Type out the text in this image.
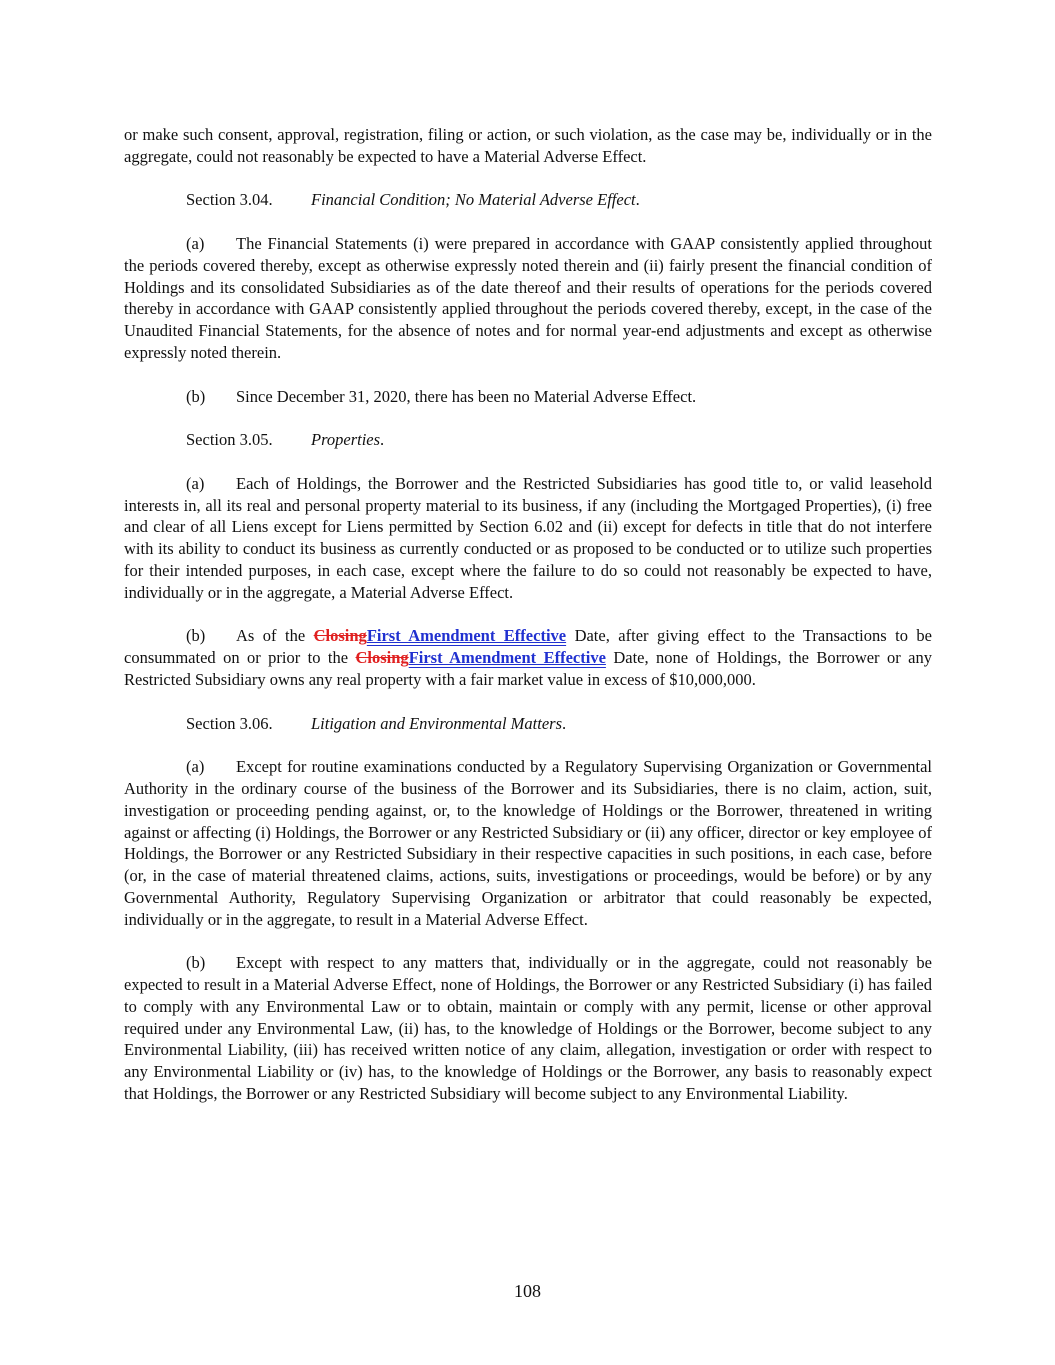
or make such consent, approval, registration, filing or action, or such violation, as the case may be, individually or in the aggregate, could not reasonably be expected to have a Material Adverse Effect.

Section 3.04. Financial Condition; No Material Adverse Effect.

(a) The Financial Statements (i) were prepared in accordance with GAAP consistently applied throughout the periods covered thereby, except as otherwise expressly noted therein and (ii) fairly present the financial condition of Holdings and its consolidated Subsidiaries as of the date thereof and their results of operations for the periods covered thereby in accordance with GAAP consistently applied throughout the periods covered thereby, except, in the case of the Unaudited Financial Statements, for the absence of notes and for normal year-end adjustments and except as otherwise expressly noted therein.

(b) Since December 31, 2020, there has been no Material Adverse Effect.

Section 3.05. Properties.

(a) Each of Holdings, the Borrower and the Restricted Subsidiaries has good title to, or valid leasehold interests in, all its real and personal property material to its business, if any (including the Mortgaged Properties), (i) free and clear of all Liens except for Liens permitted by Section 6.02 and (ii) except for defects in title that do not interfere with its ability to conduct its business as currently conducted or as proposed to be conducted or to utilize such properties for their intended purposes, in each case, except where the failure to do so could not reasonably be expected to have, individually or in the aggregate, a Material Adverse Effect.

(b) As of the ClosingFirst Amendment Effective Date, after giving effect to the Transactions to be consummated on or prior to the ClosingFirst Amendment Effective Date, none of Holdings, the Borrower or any Restricted Subsidiary owns any real property with a fair market value in excess of $10,000,000.

Section 3.06. Litigation and Environmental Matters.

(a) Except for routine examinations conducted by a Regulatory Supervising Organization or Governmental Authority in the ordinary course of the business of the Borrower and its Subsidiaries, there is no claim, action, suit, investigation or proceeding pending against, or, to the knowledge of Holdings or the Borrower, threatened in writing against or affecting (i) Holdings, the Borrower or any Restricted Subsidiary or (ii) any officer, director or key employee of Holdings, the Borrower or any Restricted Subsidiary in their respective capacities in such positions, in each case, before (or, in the case of material threatened claims, actions, suits, investigations or proceedings, would be before) or by any Governmental Authority, Regulatory Supervising Organization or arbitrator that could reasonably be expected, individually or in the aggregate, to result in a Material Adverse Effect.

(b) Except with respect to any matters that, individually or in the aggregate, could not reasonably be expected to result in a Material Adverse Effect, none of Holdings, the Borrower or any Restricted Subsidiary (i) has failed to comply with any Environmental Law or to obtain, maintain or comply with any permit, license or other approval required under any Environmental Law, (ii) has, to the knowledge of Holdings or the Borrower, become subject to any Environmental Liability, (iii) has received written notice of any claim, allegation, investigation or order with respect to any Environmental Liability or (iv) has, to the knowledge of Holdings or the Borrower, any basis to reasonably expect that Holdings, the Borrower or any Restricted Subsidiary will become subject to any Environmental Liability.

108
